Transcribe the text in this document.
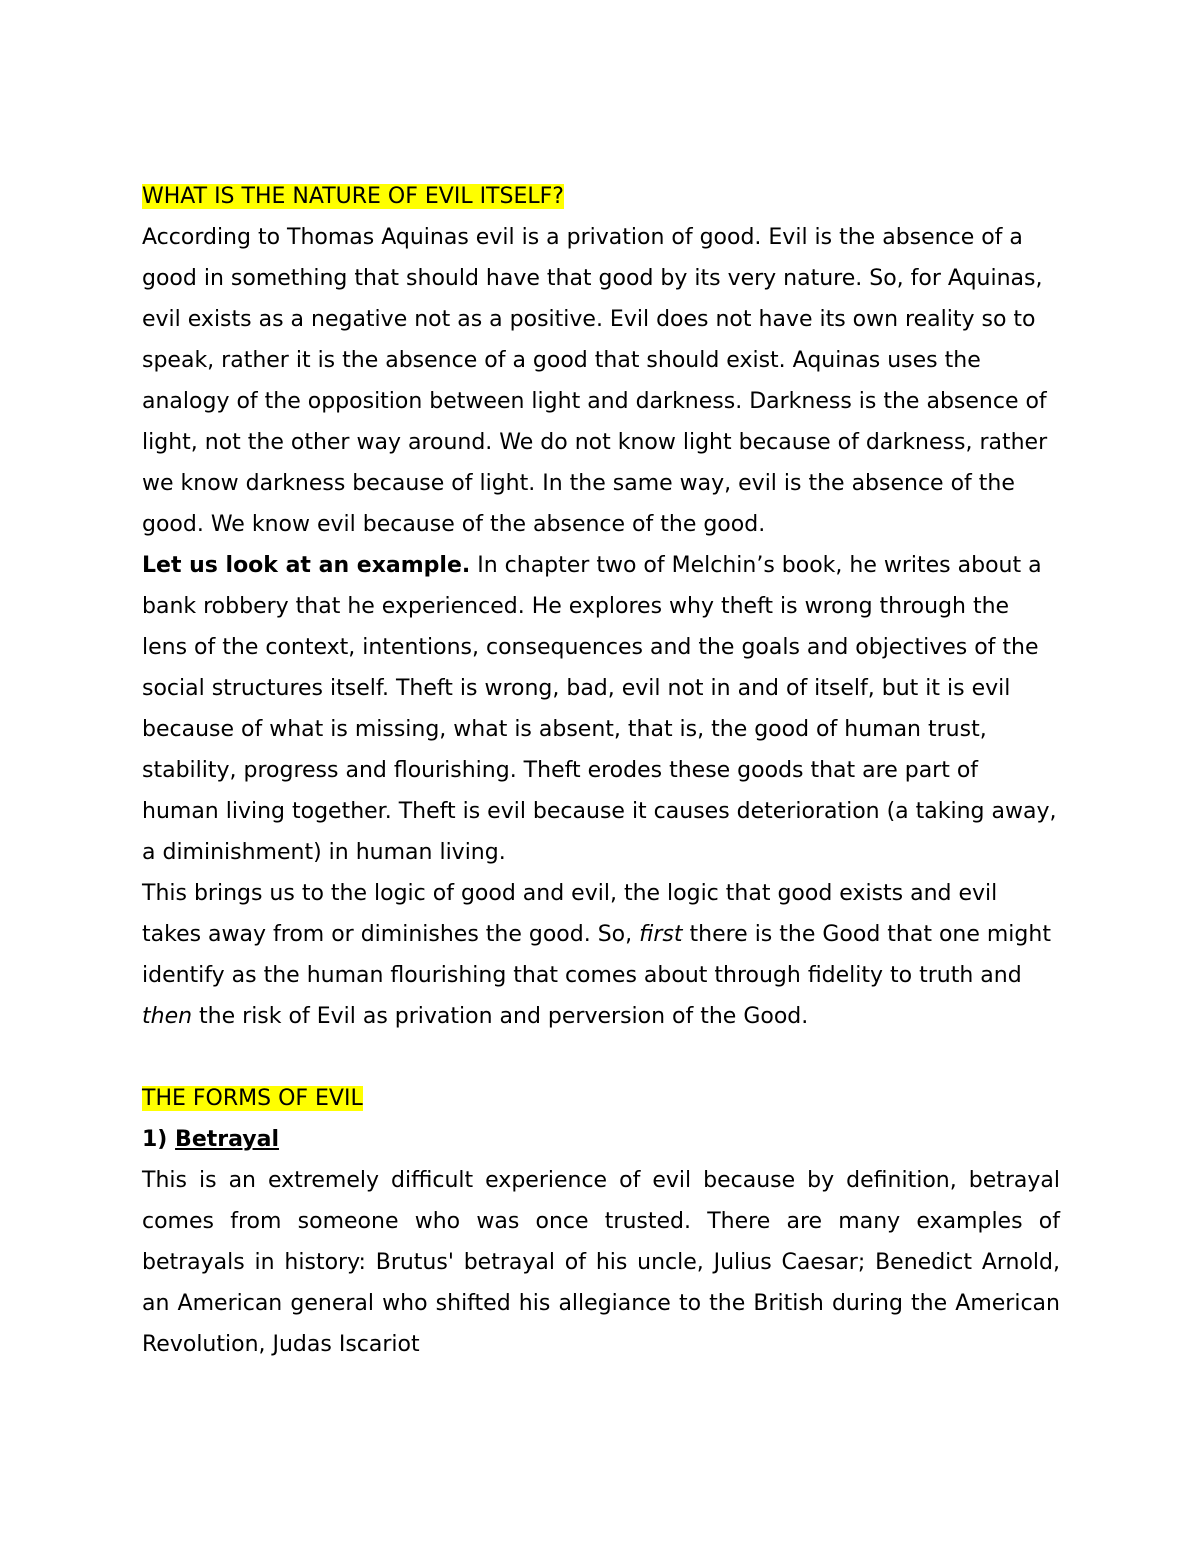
WHAT IS THE NATURE OF EVIL ITSELF?

According to Thomas Aquinas evil is a privation of good. Evil is the absence of a good in something that should have that good by its very nature. So, for Aquinas, evil exists as a negative not as a positive. Evil does not have its own reality so to speak, rather it is the absence of a good that should exist. Aquinas uses the analogy of the opposition between light and darkness. Darkness is the absence of light, not the other way around. We do not know light because of darkness, rather we know darkness because of light. In the same way, evil is the absence of the good. We know evil because of the absence of the good.

Let us look at an example. In chapter two of Melchin’s book, he writes about a bank robbery that he experienced. He explores why theft is wrong through the lens of the context, intentions, consequences and the goals and objectives of the social structures itself. Theft is wrong, bad, evil not in and of itself, but it is evil because of what is missing, what is absent, that is, the good of human trust, stability, progress and flourishing. Theft erodes these goods that are part of human living together. Theft is evil because it causes deterioration (a taking away, a diminishment) in human living.

This brings us to the logic of good and evil, the logic that good exists and evil takes away from or diminishes the good. So, first there is the Good that one might identify as the human flourishing that comes about through fidelity to truth and then the risk of Evil as privation and perversion of the Good.

THE FORMS OF EVIL

1) Betrayal

This is an extremely difficult experience of evil because by definition, betrayal comes from someone who was once trusted. There are many examples of betrayals in history: Brutus' betrayal of his uncle, Julius Caesar; Benedict Arnold, an American general who shifted his allegiance to the British during the American Revolution, Judas Iscariot
